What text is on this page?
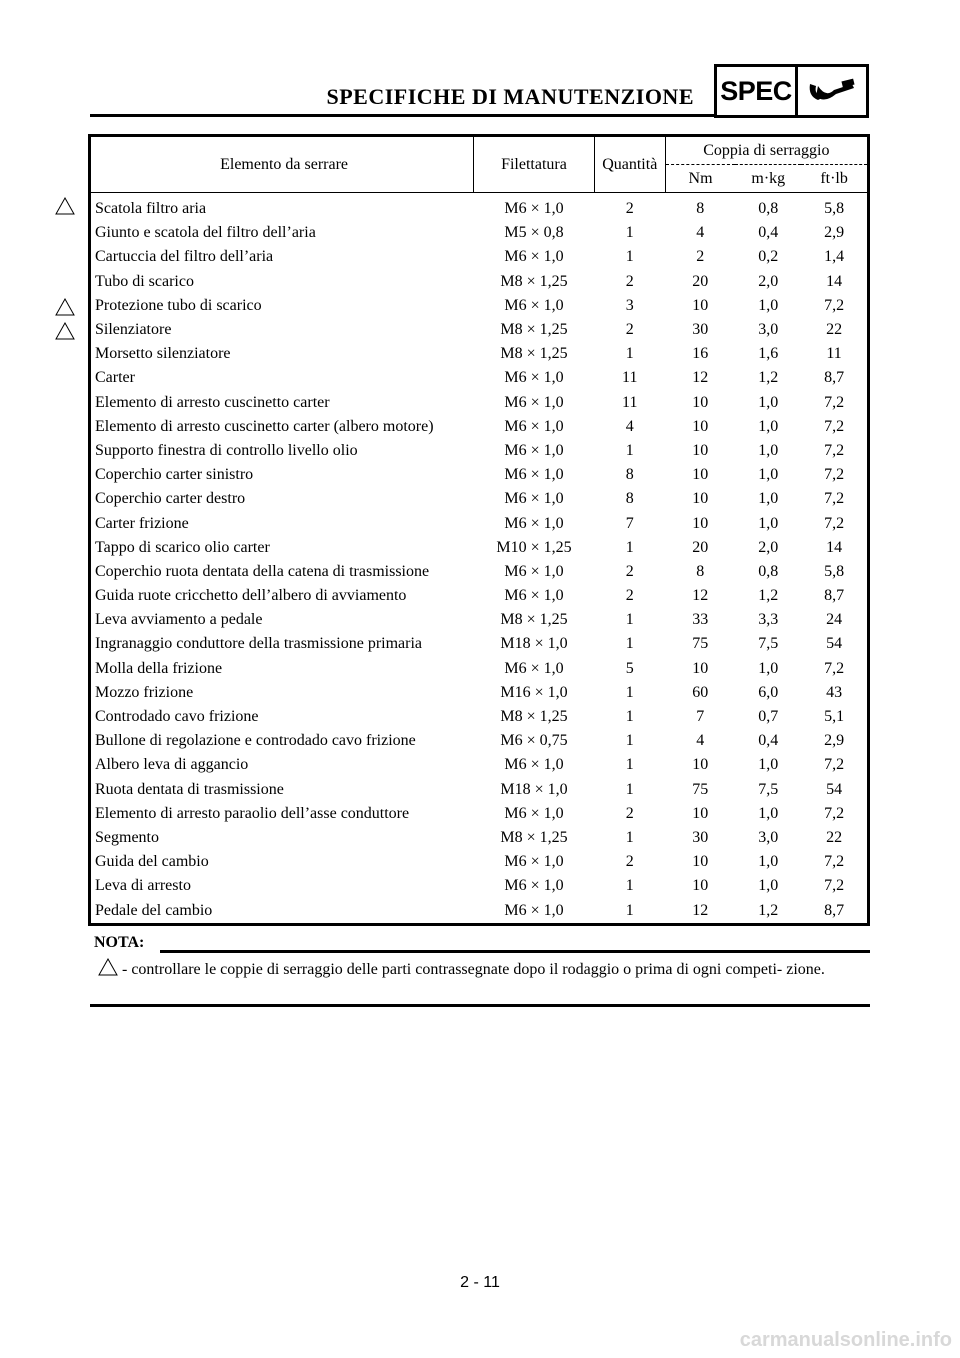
SPECIFICHE DI MANUTENZIONE SPEC
Elemento da serrare	Filettatura	Quantità	Coppia di serraggio		
			Nm	m·kg	ft·lb

Scatola filtro aria	M6 × 1,0	2	8	0,8	5,8
Giunto e scatola del filtro dell’aria	M5 × 0,8	1	4	0,4	2,9
Cartuccia del filtro dell’aria	M6 × 1,0	1	2	0,2	1,4
Tubo di scarico	M8 × 1,25	2	20	2,0	14

Protezione tubo di scarico	M6 × 1,0	3	10	1,0	7,2

Silenziatore	M8 × 1,25	2	30	3,0	22
Morsetto silenziatore	M8 × 1,25	1	16	1,6	11
Carter	M6 × 1,0	11	12	1,2	8,7
Elemento di arresto cuscinetto carter	M6 × 1,0	11	10	1,0	7,2
Elemento di arresto cuscinetto carter (albero motore)	M6 × 1,0	4	10	1,0	7,2
Supporto finestra di controllo livello olio	M6 × 1,0	1	10	1,0	7,2
Coperchio carter sinistro	M6 × 1,0	8	10	1,0	7,2
Coperchio carter destro	M6 × 1,0	8	10	1,0	7,2
Carter frizione	M6 × 1,0	7	10	1,0	7,2
Tappo di scarico olio carter	M10 × 1,25	1	20	2,0	14
Coperchio ruota dentata della catena di trasmissione	M6 × 1,0	2	8	0,8	5,8
Guida ruote cricchetto dell’albero di avviamento	M6 × 1,0	2	12	1,2	8,7
Leva avviamento a pedale	M8 × 1,25	1	33	3,3	24
Ingranaggio conduttore della trasmissione primaria	M18 × 1,0	1	75	7,5	54
Molla della frizione	M6 × 1,0	5	10	1,0	7,2
Mozzo frizione	M16 × 1,0	1	60	6,0	43
Controdado cavo frizione	M8 × 1,25	1	7	0,7	5,1
Bullone di regolazione e controdado cavo frizione	M6 × 0,75	1	4	0,4	2,9
Albero leva di aggancio	M6 × 1,0	1	10	1,0	7,2
Ruota dentata di trasmissione	M18 × 1,0	1	75	7,5	54
Elemento di arresto paraolio dell’asse conduttore	M6 × 1,0	2	10	1,0	7,2
Segmento	M8 × 1,25	1	30	3,0	22
Guida del cambio	M6 × 1,0	2	10	1,0	7,2
Leva di arresto	M6 × 1,0	1	10	1,0	7,2
Pedale del cambio	M6 × 1,0	1	12	1,2	8,7
NOTA:
- controllare le coppie di serraggio delle parti contrassegnate dopo il rodaggio o prima di ogni competi- zione.
2 - 11
carmanualsonline.info
